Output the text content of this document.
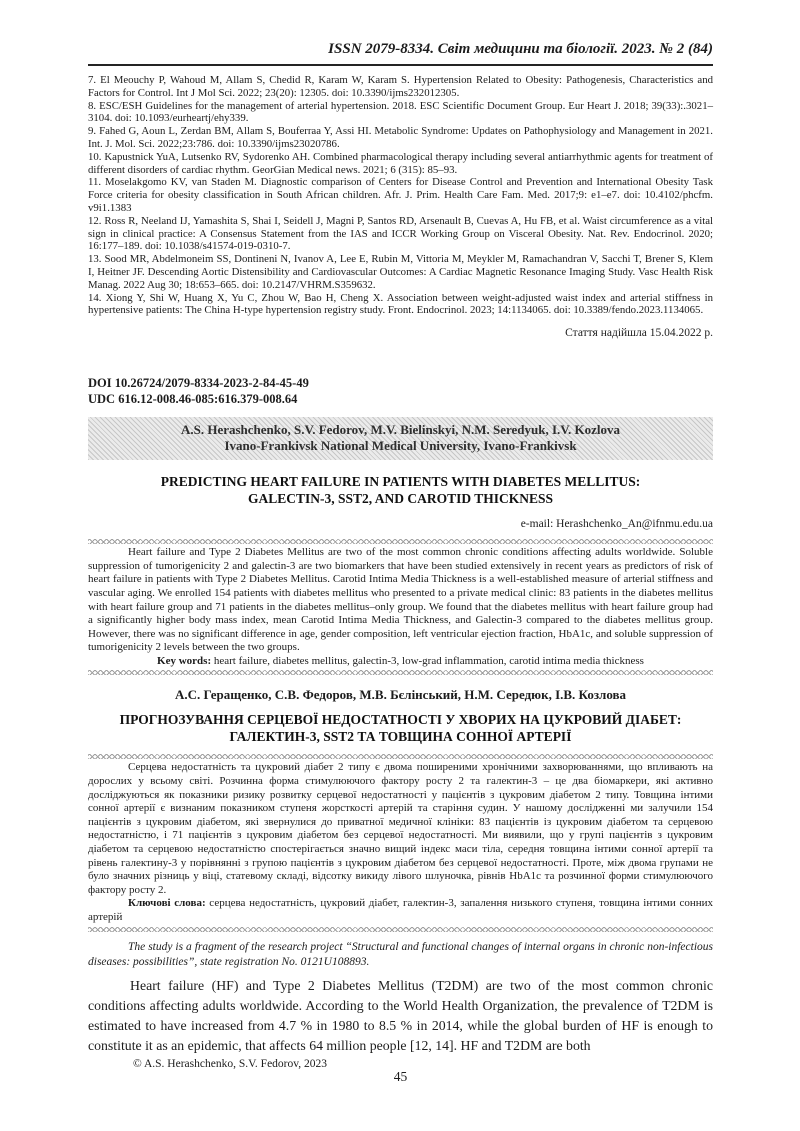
ISSN 2079-8334. Світ медицини та біології. 2023. № 2 (84)

7. El Meouchy P, Wahoud M, Allam S, Chedid R, Karam W, Karam S. Hypertension Related to Obesity: Pathogenesis, Characteristics and Factors for Control. Int J Mol Sci. 2022; 23(20): 12305. doi: 10.3390/ijms232012305.

8. ESC/ESH Guidelines for the management of arterial hypertension. 2018. ESC Scientific Document Group. Eur Heart J. 2018; 39(33):.3021–3104. doi: 10.1093/eurheartj/ehy339.

9. Fahed G, Aoun L, Zerdan BM, Allam S, Bouferraa Y, Assi HI. Metabolic Syndrome: Updates on Pathophysiology and Management in 2021. Int. J. Mol. Sci. 2022;23:786. doi: 10.3390/ijms23020786.

10. Kapustnick YuA, Lutsenko RV, Sydorenko AH. Combined pharmacological therapy including several antiarrhythmic agents for treatment of different disorders of cardiac rhythm. GeorGian Medical news. 2021; 6 (315): 85–93.

11. Moselakgomo KV, van Staden M. Diagnostic comparison of Centers for Disease Control and Prevention and International Obesity Task Force criteria for obesity classification in South African children. Afr. J. Prim. Health Care Fam. Med. 2017;9: e1–e7. doi: 10.4102/phcfm. v9i1.1383

12. Ross R, Neeland IJ, Yamashita S, Shai I, Seidell J, Magni P, Santos RD, Arsenault B, Cuevas A, Hu FB, et al. Waist circumference as a vital sign in clinical practice: A Consensus Statement from the IAS and ICCR Working Group on Visceral Obesity. Nat. Rev. Endocrinol. 2020; 16:177–189. doi: 10.1038/s41574-019-0310-7.

13. Sood MR, Abdelmoneim SS, Dontineni N, Ivanov A, Lee E, Rubin M, Vittoria M, Meykler M, Ramachandran V, Sacchi T, Brener S, Klem I, Heitner JF. Descending Aortic Distensibility and Cardiovascular Outcomes: A Cardiac Magnetic Resonance Imaging Study. Vasc Health Risk Manag. 2022 Aug 30; 18:653–665. doi: 10.2147/VHRM.S359632.

14. Xiong Y, Shi W, Huang X, Yu C, Zhou W, Bao H, Cheng X. Association between weight-adjusted waist index and arterial stiffness in hypertensive patients: The China H-type hypertension registry study. Front. Endocrinol. 2023; 14:1134065. doi: 10.3389/fendo.2023.1134065.

Стаття надійшла 15.04.2022 р.

DOI 10.26724/2079-8334-2023-2-84-45-49

UDC 616.12-008.46-085:616.379-008.64

A.S. Herashchenko, S.V. Fedorov, M.V. Bielinskyi, N.M. Seredyuk, I.V. Kozlova

Ivano-Frankivsk National Medical University, Ivano-Frankivsk

PREDICTING HEART FAILURE IN PATIENTS WITH DIABETES MELLITUS:
GALECTIN-3, SST2, AND CAROTID THICKNESS

e-mail: Herashchenko_An@ifnmu.edu.ua

Heart failure and Type 2 Diabetes Mellitus are two of the most common chronic conditions affecting adults worldwide. Soluble suppression of tumorigenicity 2 and galectin-3 are two biomarkers that have been studied extensively in recent years as predictors of risk of heart failure in patients with Type 2 Diabetes Mellitus. Carotid Intima Media Thickness is a well-established measure of arterial stiffness and vascular aging. We enrolled 154 patients with diabetes mellitus who presented to a private medical clinic: 83 patients in the diabetes mellitus with heart failure group and 71 patients in the diabetes mellitus–only group. We found that the diabetes mellitus with heart failure group had a significantly higher body mass index, mean Carotid Intima Media Thickness, and Galectin-3 compared to the diabetes mellitus group. However, there was no significant difference in age, gender composition, left ventricular ejection fraction, HbA1c, and soluble suppression of tumorigenicity 2 levels between the two groups.

Key words: heart failure, diabetes mellitus, galectin-3, low-grad inflammation, carotid intima media thickness

А.С. Геращенко, С.В. Федоров, М.В. Бєлінський, Н.М. Середюк, І.В. Козлова

ПРОГНОЗУВАННЯ СЕРЦЕВОЇ НЕДОСТАТНОСТІ У ХВОРИХ НА ЦУКРОВИЙ ДІАБЕТ:
ГАЛЕКТИН-3, SST2 ТА ТОВЩИНА СОННОЇ АРТЕРІЇ

Серцева недостатність та цукровий діабет 2 типу є двома поширеними хронічними захворюваннями, що впливають на дорослих у всьому світі. Розчинна форма стимулюючого фактору росту 2 та галектин-3 – це два біомаркери, які активно досліджуються як показники ризику розвитку серцевої недостатності у пацієнтів з цукровим діабетом 2 типу. Товщина інтими сонної артерії є визнаним показником ступеня жорсткості артерій та старіння судин. У нашому дослідженні ми залучили 154 пацієнтів з цукровим діабетом, які звернулися до приватної медичної клініки: 83 пацієнтів із цукровим діабетом та серцевою недостатністю, і 71 пацієнтів з цукровим діабетом без серцевої недостатності. Ми виявили, що у групі пацієнтів з цукровим діабетом та серцевою недостатністю спостерігається значно вищий індекс маси тіла, середня товщина інтими сонної артерії та рівень галектину-3 у порівнянні з групою пацієнтів з цукровим діабетом без серцевої недостатності. Проте, між двома групами не було значних різниць у віці, статевому складі, відсотку викиду лівого шлуночка, рівнів HbA1c та розчинної форми стимулюючого фактору росту 2.

Ключові слова: серцева недостатність, цукровий діабет, галектин-3, запалення низького ступеня, товщина інтими сонних артерій

The study is a fragment of the research project “Structural and functional changes of internal organs in chronic non-infectious diseases: possibilities”, state registration No. 0121U108893.

Heart failure (HF) and Type 2 Diabetes Mellitus (T2DM) are two of the most common chronic conditions affecting adults worldwide. According to the World Health Organization, the prevalence of T2DM is estimated to have increased from 4.7 % in 1980 to 8.5 % in 2014, while the global burden of HF is enough to constitute it as an epidemic, that affects 64 million people [12, 14]. HF and T2DM are both

© A.S. Herashchenko, S.V. Fedorov, 2023

45
